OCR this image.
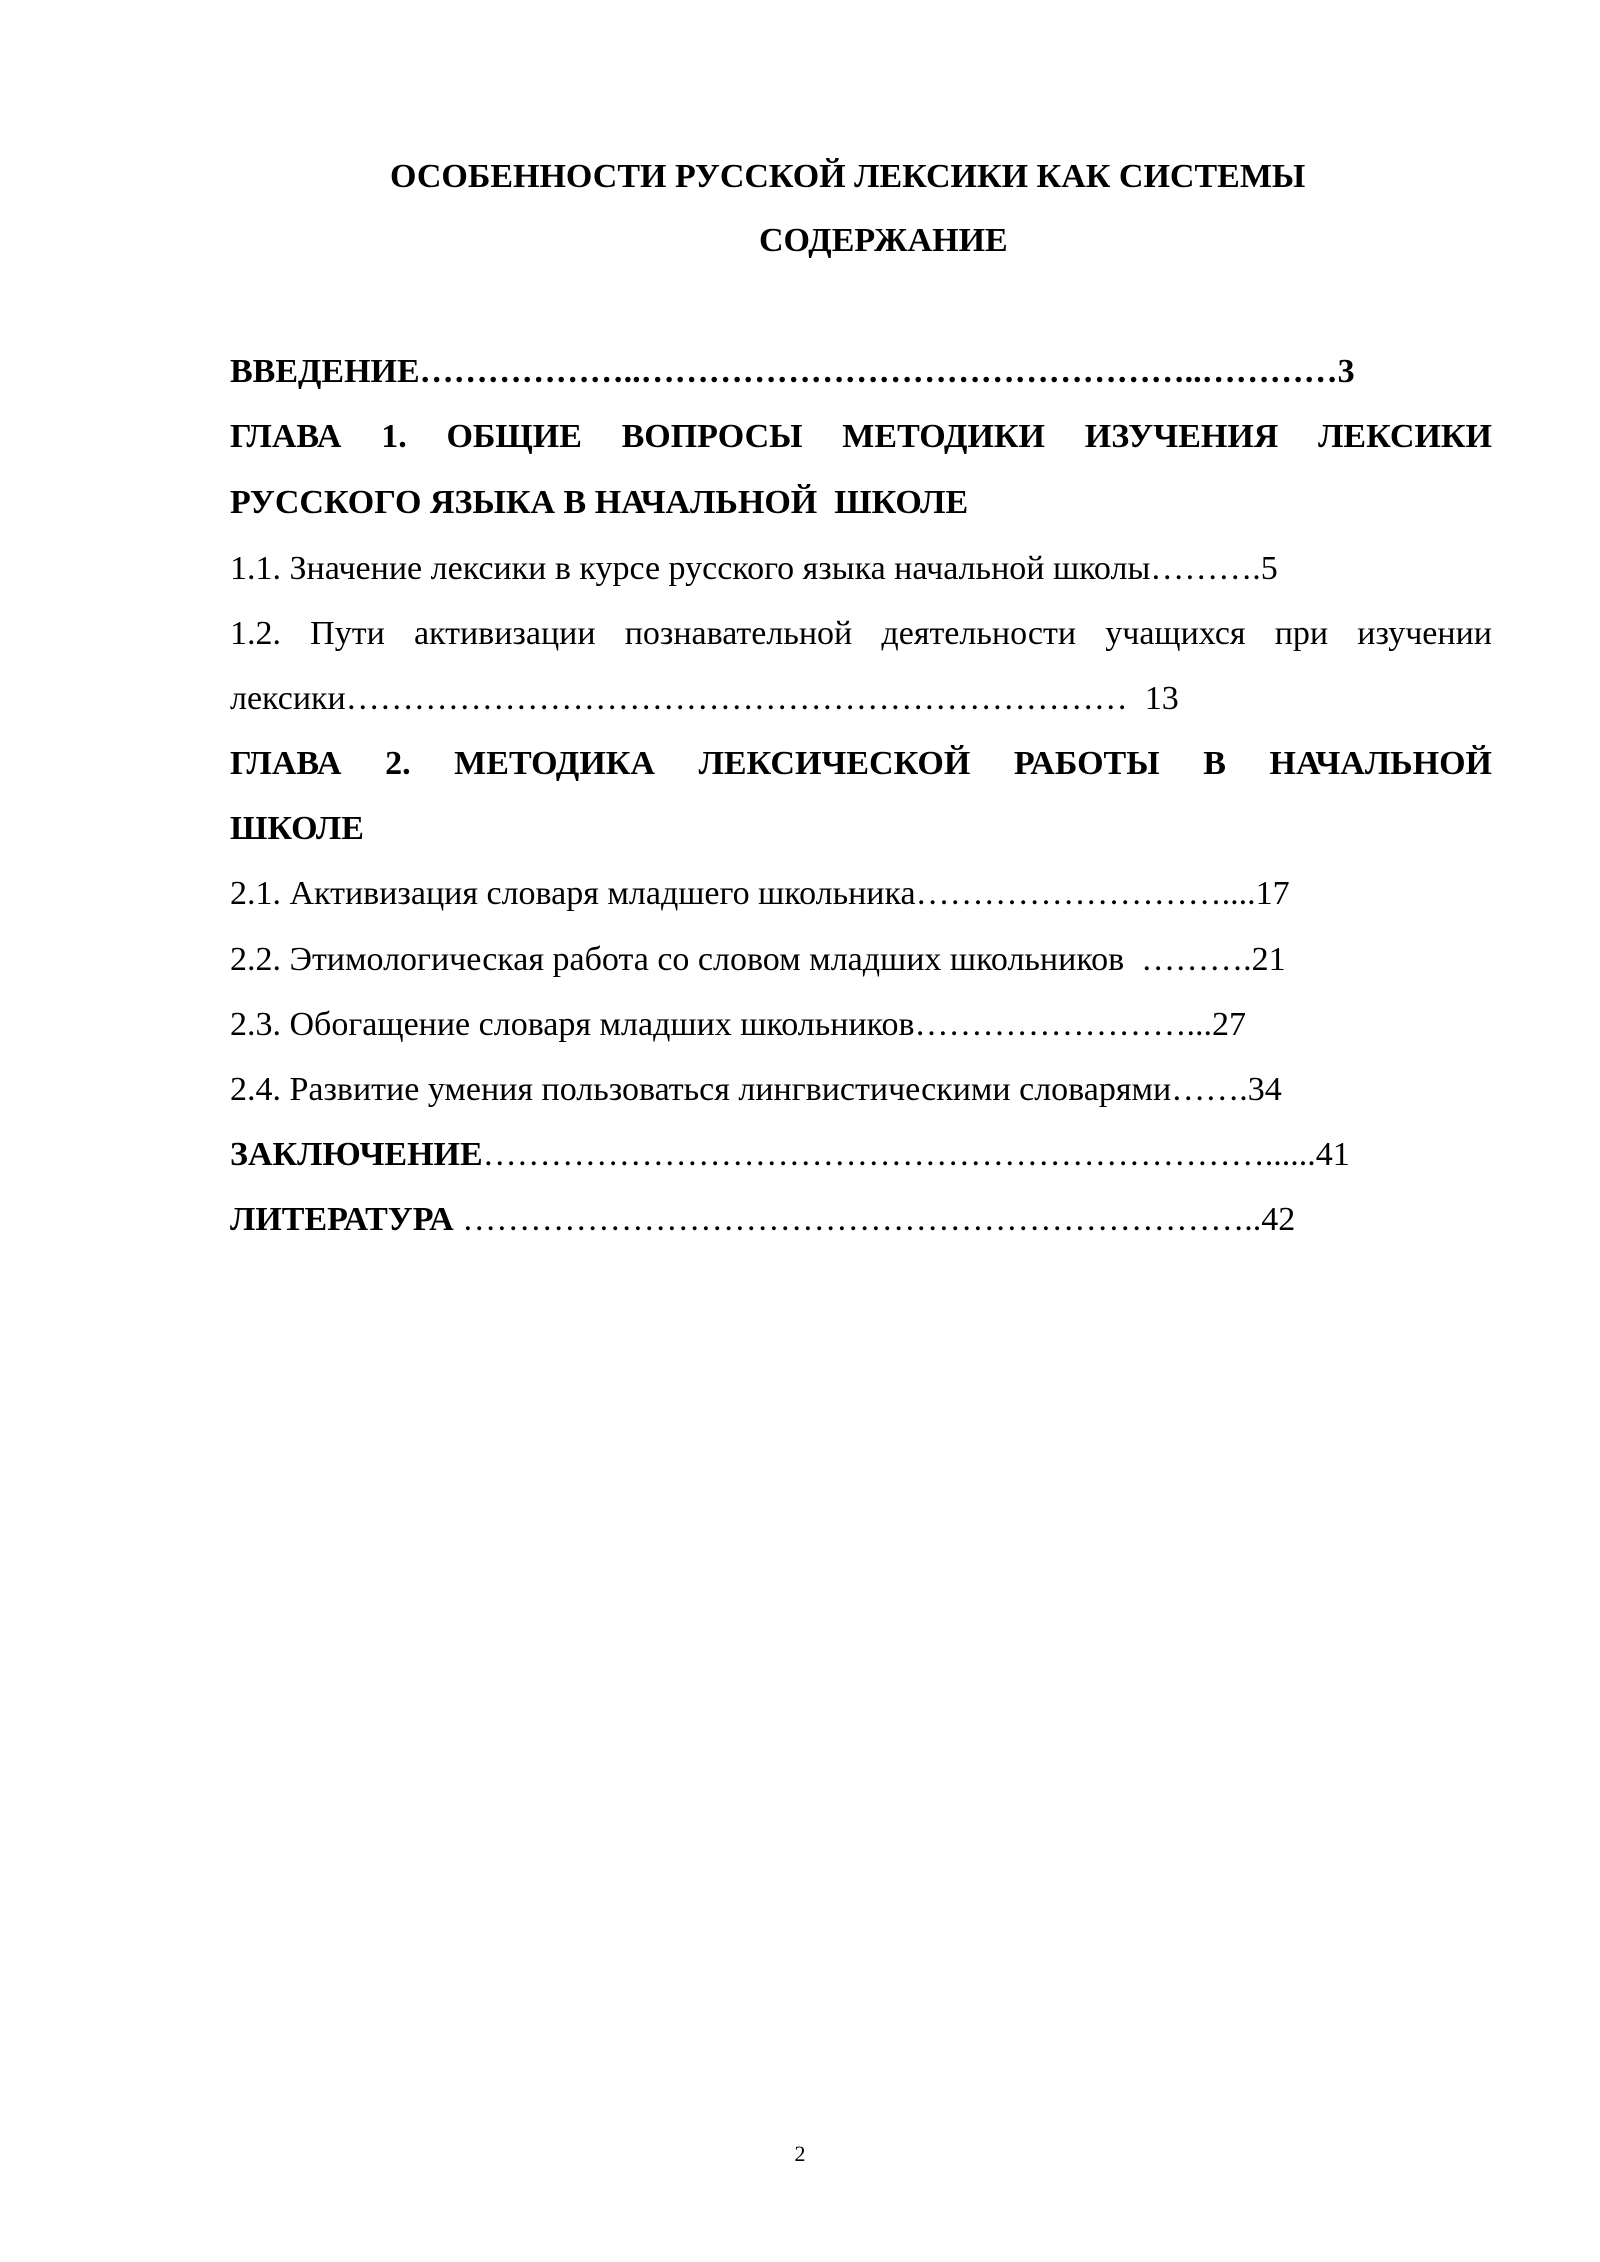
ОСОБЕННОСТИ РУССКОЙ ЛЕКСИКИ КАК СИСТЕМЫ
СОДЕРЖАНИЕ
ВВЕДЕНИЕ………………..…………………………………………..…………3
ГЛАВА 1. ОБЩИЕ ВОПРОСЫ МЕТОДИКИ ИЗУЧЕНИЯ ЛЕКСИКИ
РУССКОГО ЯЗЫКА В НАЧАЛЬНОЙ  ШКОЛЕ
1.1. Значение лексики в курсе русского языка начальной школы……….5
1.2. Пути активизации познавательной деятельности учащихся при изучении
лексики……………………………………………………………  13
ГЛАВА 2. МЕТОДИКА ЛЕКСИЧЕСКОЙ РАБОТЫ В НАЧАЛЬНОЙ
ШКОЛЕ
2.1. Активизация словаря младшего школьника………………………....17
2.2. Этимологическая работа со словом младших школьников  ……….21
2.3. Обогащение словаря младших школьников……………………...27
2.4. Развитие умения пользоваться лингвистическими словарями…….34
ЗАКЛЮЧЕНИЕ……………………………………………………………......41
ЛИТЕРАТУРА ……………………………………………………………..42
2
